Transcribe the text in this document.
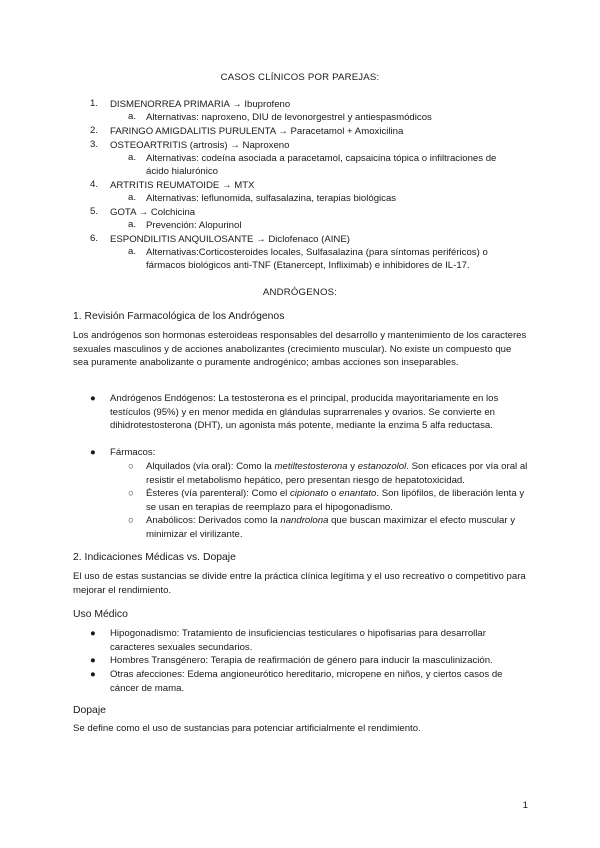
CASOS CLÍNICOS POR PAREJAS:
1. DISMENORREA PRIMARIA → Ibuprofeno
a. Alternativas: naproxeno, DIU de levonorgestrel y antiespasmódicos
2. FARINGO AMIGDALITIS PURULENTA → Paracetamol + Amoxicilina
3. OSTEOARTRITIS (artrosis) → Naproxeno
a. Alternativas: codeína asociada a paracetamol, capsaicina tópica o infiltraciones de
ácido hialurónico
4. ARTRITIS REUMATOIDE → MTX
a. Alternativas: leflunomida, sulfasalazina, terapias biológicas
5. GOTA → Colchicina
a. Prevención: Alopurinol
6. ESPONDILITIS ANQUILOSANTE → Diclofenaco (AINE)
a. Alternativas:Corticosteroides locales, Sulfasalazina (para síntomas periféricos) o
fármacos biológicos anti-TNF (Etanercept, Infliximab) e inhibidores de IL-17.
ANDRÓGENOS:
1. Revisión Farmacológica de los Andrógenos
Los andrógenos son hormonas esteroideas responsables del desarrollo y mantenimiento de los caracteres sexuales masculinos y de acciones anabolizantes (crecimiento muscular). No existe un compuesto que sea puramente anabolizante o puramente androgénico; ambas acciones son inseparables.
● Andrógenos Endógenos: La testosterona es el principal, producida mayoritariamente en los testículos (95%) y en menor medida en glándulas suprarrenales y ovarios. Se convierte en dihidrotestosterona (DHT), un agonista más potente, mediante la enzima 5 alfa reductasa.
● Fármacos:
○ Alquilados (vía oral): Como la metiltestosterona y estanozolol. Son eficaces por vía oral al resistir el metabolismo hepático, pero presentan riesgo de hepatotoxicidad.
○ Ésteres (vía parenteral): Como el cipionato o enantato. Son lipófilos, de liberación lenta y se usan en terapias de reemplazo para el hipogonadismo.
○ Anabólicos: Derivados como la nandrolona que buscan maximizar el efecto muscular y minimizar el virilizante.
2. Indicaciones Médicas vs. Dopaje
El uso de estas sustancias se divide entre la práctica clínica legítima y el uso recreativo o competitivo para mejorar el rendimiento.
Uso Médico
● Hipogonadismo: Tratamiento de insuficiencias testiculares o hipofisarias para desarrollar caracteres sexuales secundarios.
● Hombres Transgénero: Terapia de reafirmación de género para inducir la masculinización.
● Otras afecciones: Edema angioneurótico hereditario, micropene en niños, y ciertos casos de cáncer de mama.
Dopaje
Se define como el uso de sustancias para potenciar artificialmente el rendimiento.
1
